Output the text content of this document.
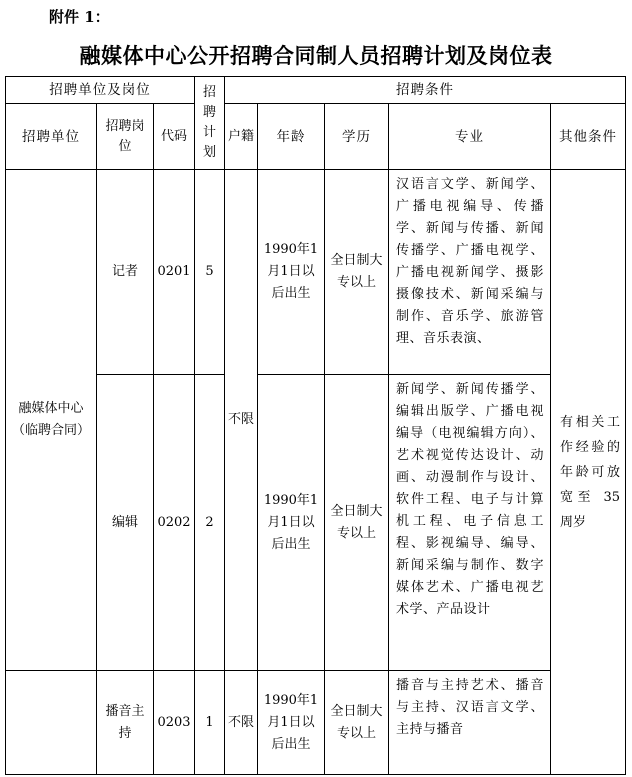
附件 1：
融媒体中心公开招聘合同制人员招聘计划及岗位表
招聘单位及岗位			招聘计划	招聘条件				
招聘单位	招聘岗位	代码		户籍	年龄	学历	专业	其他条件
融媒体中心（临聘合同）	记者	0201	5	不限	1990年1月1日以后出生	全日制大专以上	汉语言文学、新闻学、广播电视编导、传播学、新闻与传播、新闻传播学、广播电视学、广播电视新闻学、摄影摄像技术、新闻采编与制作、音乐学、旅游管理、音乐表演、	有相关工作经验的年龄可放宽至 35 周岁
	编辑	0202	2		1990年1月1日以后出生	全日制大专以上	新闻学、新闻传播学、编辑出版学、广播电视编导（电视编辑方向）、艺术视觉传达设计、动画、动漫制作与设计、软件工程、电子与计算机工程、电子信息工程、影视编导、编导、新闻采编与制作、数字媒体艺术、广播电视艺术学、产品设计	
	播音主持	0203	1	不限	1990年1月1日以后出生	全日制大专以上	播音与主持艺术、播音与主持、汉语言文学、主持与播音	
